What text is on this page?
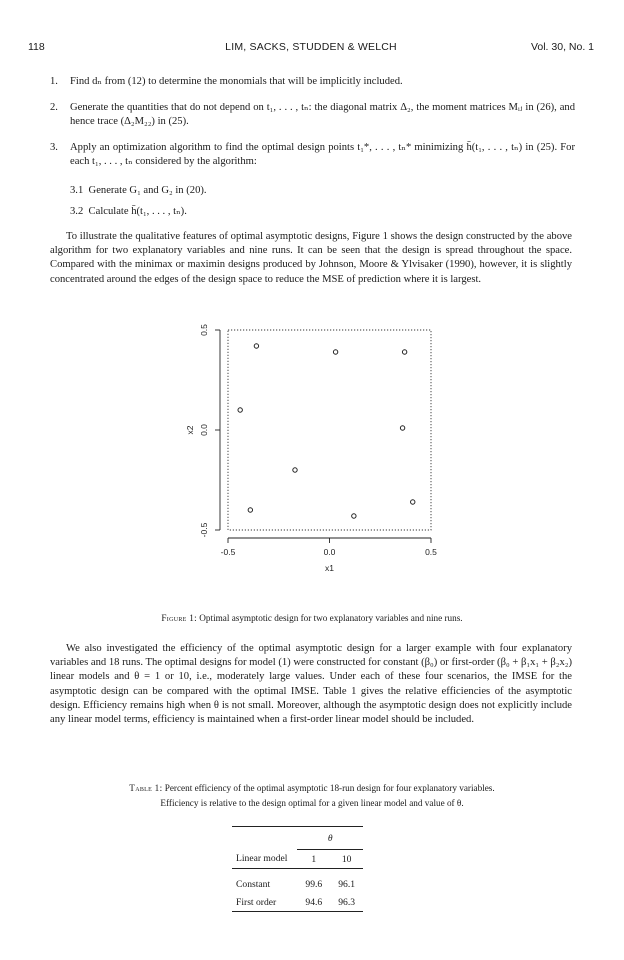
118	LIM, SACKS, STUDDEN & WELCH	Vol. 30, No. 1
1. Find dₙ from (12) to determine the monomials that will be implicitly included.
2. Generate the quantities that do not depend on t₁, . . . , tₙ: the diagonal matrix Δ₂, the moment matrices Mᵢⱼ in (26), and hence trace (Δ₂M₂₂) in (25).
3. Apply an optimization algorithm to find the optimal design points t₁*, . . . , tₙ* minimizing h̄(t₁, . . . , tₙ) in (25). For each t₁, . . . , tₙ considered by the algorithm:
3.1 Generate G₁ and G₂ in (20).
3.2 Calculate h̄(t₁, . . . , tₙ).

To illustrate the qualitative features of optimal asymptotic designs, Figure 1 shows the design constructed by the above algorithm for two explanatory variables and nine runs. It can be seen that the design is spread throughout the space. Compared with the minimax or maximin designs produced by Johnson, Moore & Ylvisaker (1990), however, it is slightly concentrated around the edges of the design space to reduce the MSE of prediction where it is largest.

-0.5	0.0	0.5
x1
-0.5
0.0
0.5
x2
Figure 1: Optimal asymptotic design for two explanatory variables and nine runs.

We also investigated the efficiency of the optimal asymptotic design for a larger example with four explanatory variables and 18 runs. The optimal designs for model (1) were constructed for constant (β₀) or first-order (β₀ + β₁x₁ + β₂x₂) linear models and θ = 1 or 10, i.e., moderately large values. Under each of these four scenarios, the IMSE for the asymptotic design can be compared with the optimal IMSE. Table 1 gives the relative efficiencies of the asymptotic design. Efficiency remains high when θ is not small. Moreover, although the asymptotic design does not explicitly include any linear model terms, efficiency is maintained when a first-order linear model should be included.

Table 1: Percent efficiency of the optimal asymptotic 18-run design for four explanatory variables.
Efficiency is relative to the design optimal for a given linear model and value of θ.
	θ	
Linear model	1	10
Constant	99.6	96.1
First order	94.6	96.3
